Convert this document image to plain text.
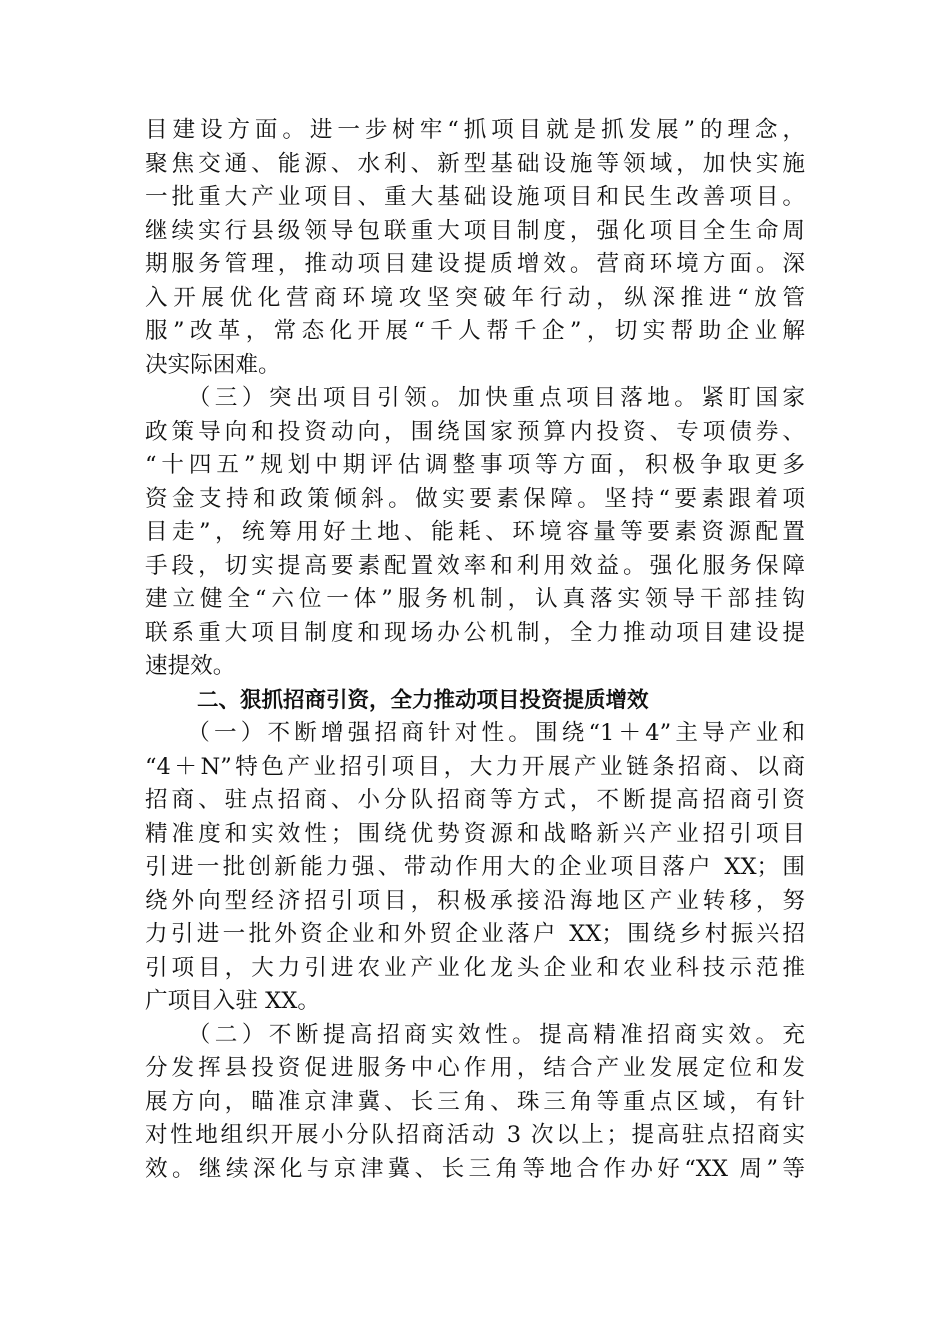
目建设方面。进一步树牢“抓项目就是抓发展”的理念，
聚焦交通、能源、水利、新型基础设施等领域，加快实施
一批重大产业项目、重大基础设施项目和民生改善项目。
继续实行县级领导包联重大项目制度，强化项目全生命周
期服务管理，推动项目建设提质增效。营商环境方面。深
入开展优化营商环境攻坚突破年行动，纵深推进“放管
服”改革，常态化开展“千人帮千企”，切实帮助企业解
决实际困难。
　　（三）突出项目引领。加快重点项目落地。紧盯国家
政策导向和投资动向，围绕国家预算内投资、专项债券、
“十四五”规划中期评估调整事项等方面，积极争取更多
资金支持和政策倾斜。做实要素保障。坚持“要素跟着项
目走”，统筹用好土地、能耗、环境容量等要素资源配置
手段，切实提高要素配置效率和利用效益。强化服务保障
建立健全“六位一体”服务机制，认真落实领导干部挂钩
联系重大项目制度和现场办公机制，全力推动项目建设提
速提效。
二、狠抓招商引资，全力推动项目投资提质增效
　　（一）不断增强招商针对性。围绕“1＋4”主导产业和
“4＋N”特色产业招引项目，大力开展产业链条招商、以商
招商、驻点招商、小分队招商等方式，不断提高招商引资
精准度和实效性；围绕优势资源和战略新兴产业招引项目
引进一批创新能力强、带动作用大的企业项目落户 XX；围
绕外向型经济招引项目，积极承接沿海地区产业转移，努
力引进一批外资企业和外贸企业落户 XX；围绕乡村振兴招
引项目，大力引进农业产业化龙头企业和农业科技示范推
广项目入驻 XX。
　　（二）不断提高招商实效性。提高精准招商实效。充
分发挥县投资促进服务中心作用，结合产业发展定位和发
展方向，瞄准京津冀、长三角、珠三角等重点区域，有针
对性地组织开展小分队招商活动 3 次以上；提高驻点招商实
效。继续深化与京津冀、长三角等地合作办好“XX 周”等
